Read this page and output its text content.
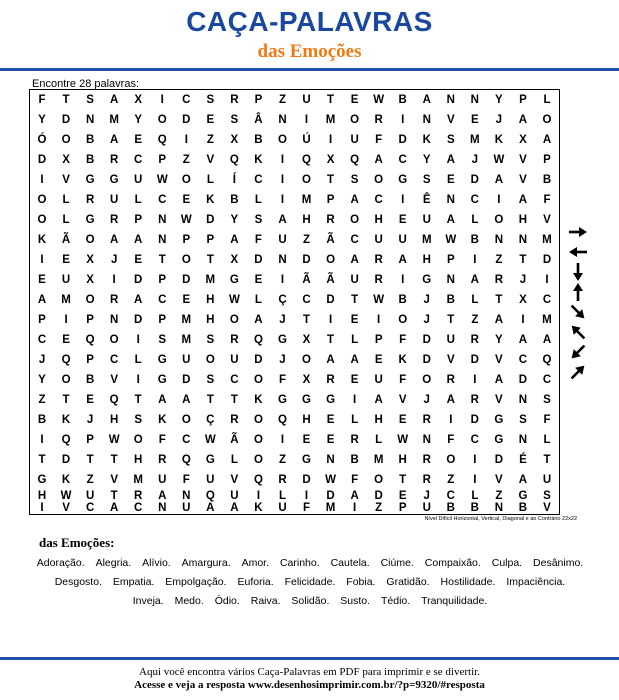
CAÇA-PALAVRAS
das Emoções
Encontre 28 palavras:
F	T	S	A	X	I	C	S	R	P	Z	U	T	E	W	B	A	N	N	Y	P	L
Y	D	N	M	Y	O	D	E	S	Â	N	I	M	O	R	I	N	V	E	J	A	O
Ó	O	B	A	E	Q	I	Z	X	B	O	Ú	I	U	F	D	K	S	M	K	X	A
D	X	B	R	C	P	Z	V	Q	K	I	Q	X	Q	A	C	Y	A	J	W	V	P
I	V	G	G	U	W	O	L	Í	C	I	O	T	S	O	G	S	E	D	A	V	B
O	L	R	U	L	C	E	K	B	L	I	M	P	A	C	I	Ê	N	C	I	A	F
O	L	G	R	P	N	W	D	Y	S	A	H	R	O	H	E	U	A	L	O	H	V
K	Ã	O	A	A	N	P	P	A	F	U	Z	Ã	C	U	U	M	W	B	N	N	M
I	E	X	J	E	T	O	T	X	D	N	D	O	A	R	A	H	P	I	Z	T	D
E	U	X	I	D	P	D	M	G	E	I	Ã	Ã	U	R	I	G	N	A	R	J	I
A	M	O	R	A	C	E	H	W	L	Ç	C	D	T	W	B	J	B	L	T	X	C
P	I	P	N	D	P	M	H	O	A	J	T	I	E	I	O	J	T	Z	A	I	M
C	E	Q	O	I	S	M	S	R	Q	G	X	T	L	P	F	D	U	R	Y	A	A
J	Q	P	C	L	G	U	O	U	D	J	O	A	A	E	K	D	V	D	V	C	Q
Y	O	B	V	I	G	D	S	C	O	F	X	R	E	U	F	O	R	I	A	D	C
Z	T	E	Q	T	A	A	T	T	K	G	G	G	I	A	V	J	A	R	V	N	S
B	K	J	H	S	K	O	Ç	R	O	Q	H	E	L	H	E	R	I	D	G	S	F
I	Q	P	W	O	F	C	W	Ã	O	I	E	E	R	L	W	N	F	C	G	N	L
T	D	T	T	H	R	Q	G	L	O	Z	G	N	B	M	H	R	O	I	D	É	T
G	K	Z	V	M	U	F	U	V	Q	R	D	W	F	O	T	R	Z	I	V	A	U
H	W	U	T	R	A	N	Q	U	I	L	I	D	A	D	E	J	C	L	Z	G	S
I	V	C	A	C	N	U	A	A	K	U	F	M	I	Z	P	U	B	B	N	B	V
Nível Difícil Horizontal, Vertical, Diagonal e ao Contrário 22x22
das Emoções:
Adoração. Alegria. Alívio. Amargura. Amor. Carinho. Cautela. Ciúme. Compaixão. Culpa. Desânimo. Desgosto. Empatia. Empolgação. Euforia. Felicidade. Fobia. Gratidão. Hostilidade. Impaciência. Inveja. Medo. Ódio. Raiva. Solidão. Susto. Tédio. Tranquilidade.
Aqui você encontra vários Caça-Palavras em PDF para imprimir e se divertir.
Acesse e veja a resposta www.desenhosimprimir.com.br/?p=9320/#resposta
